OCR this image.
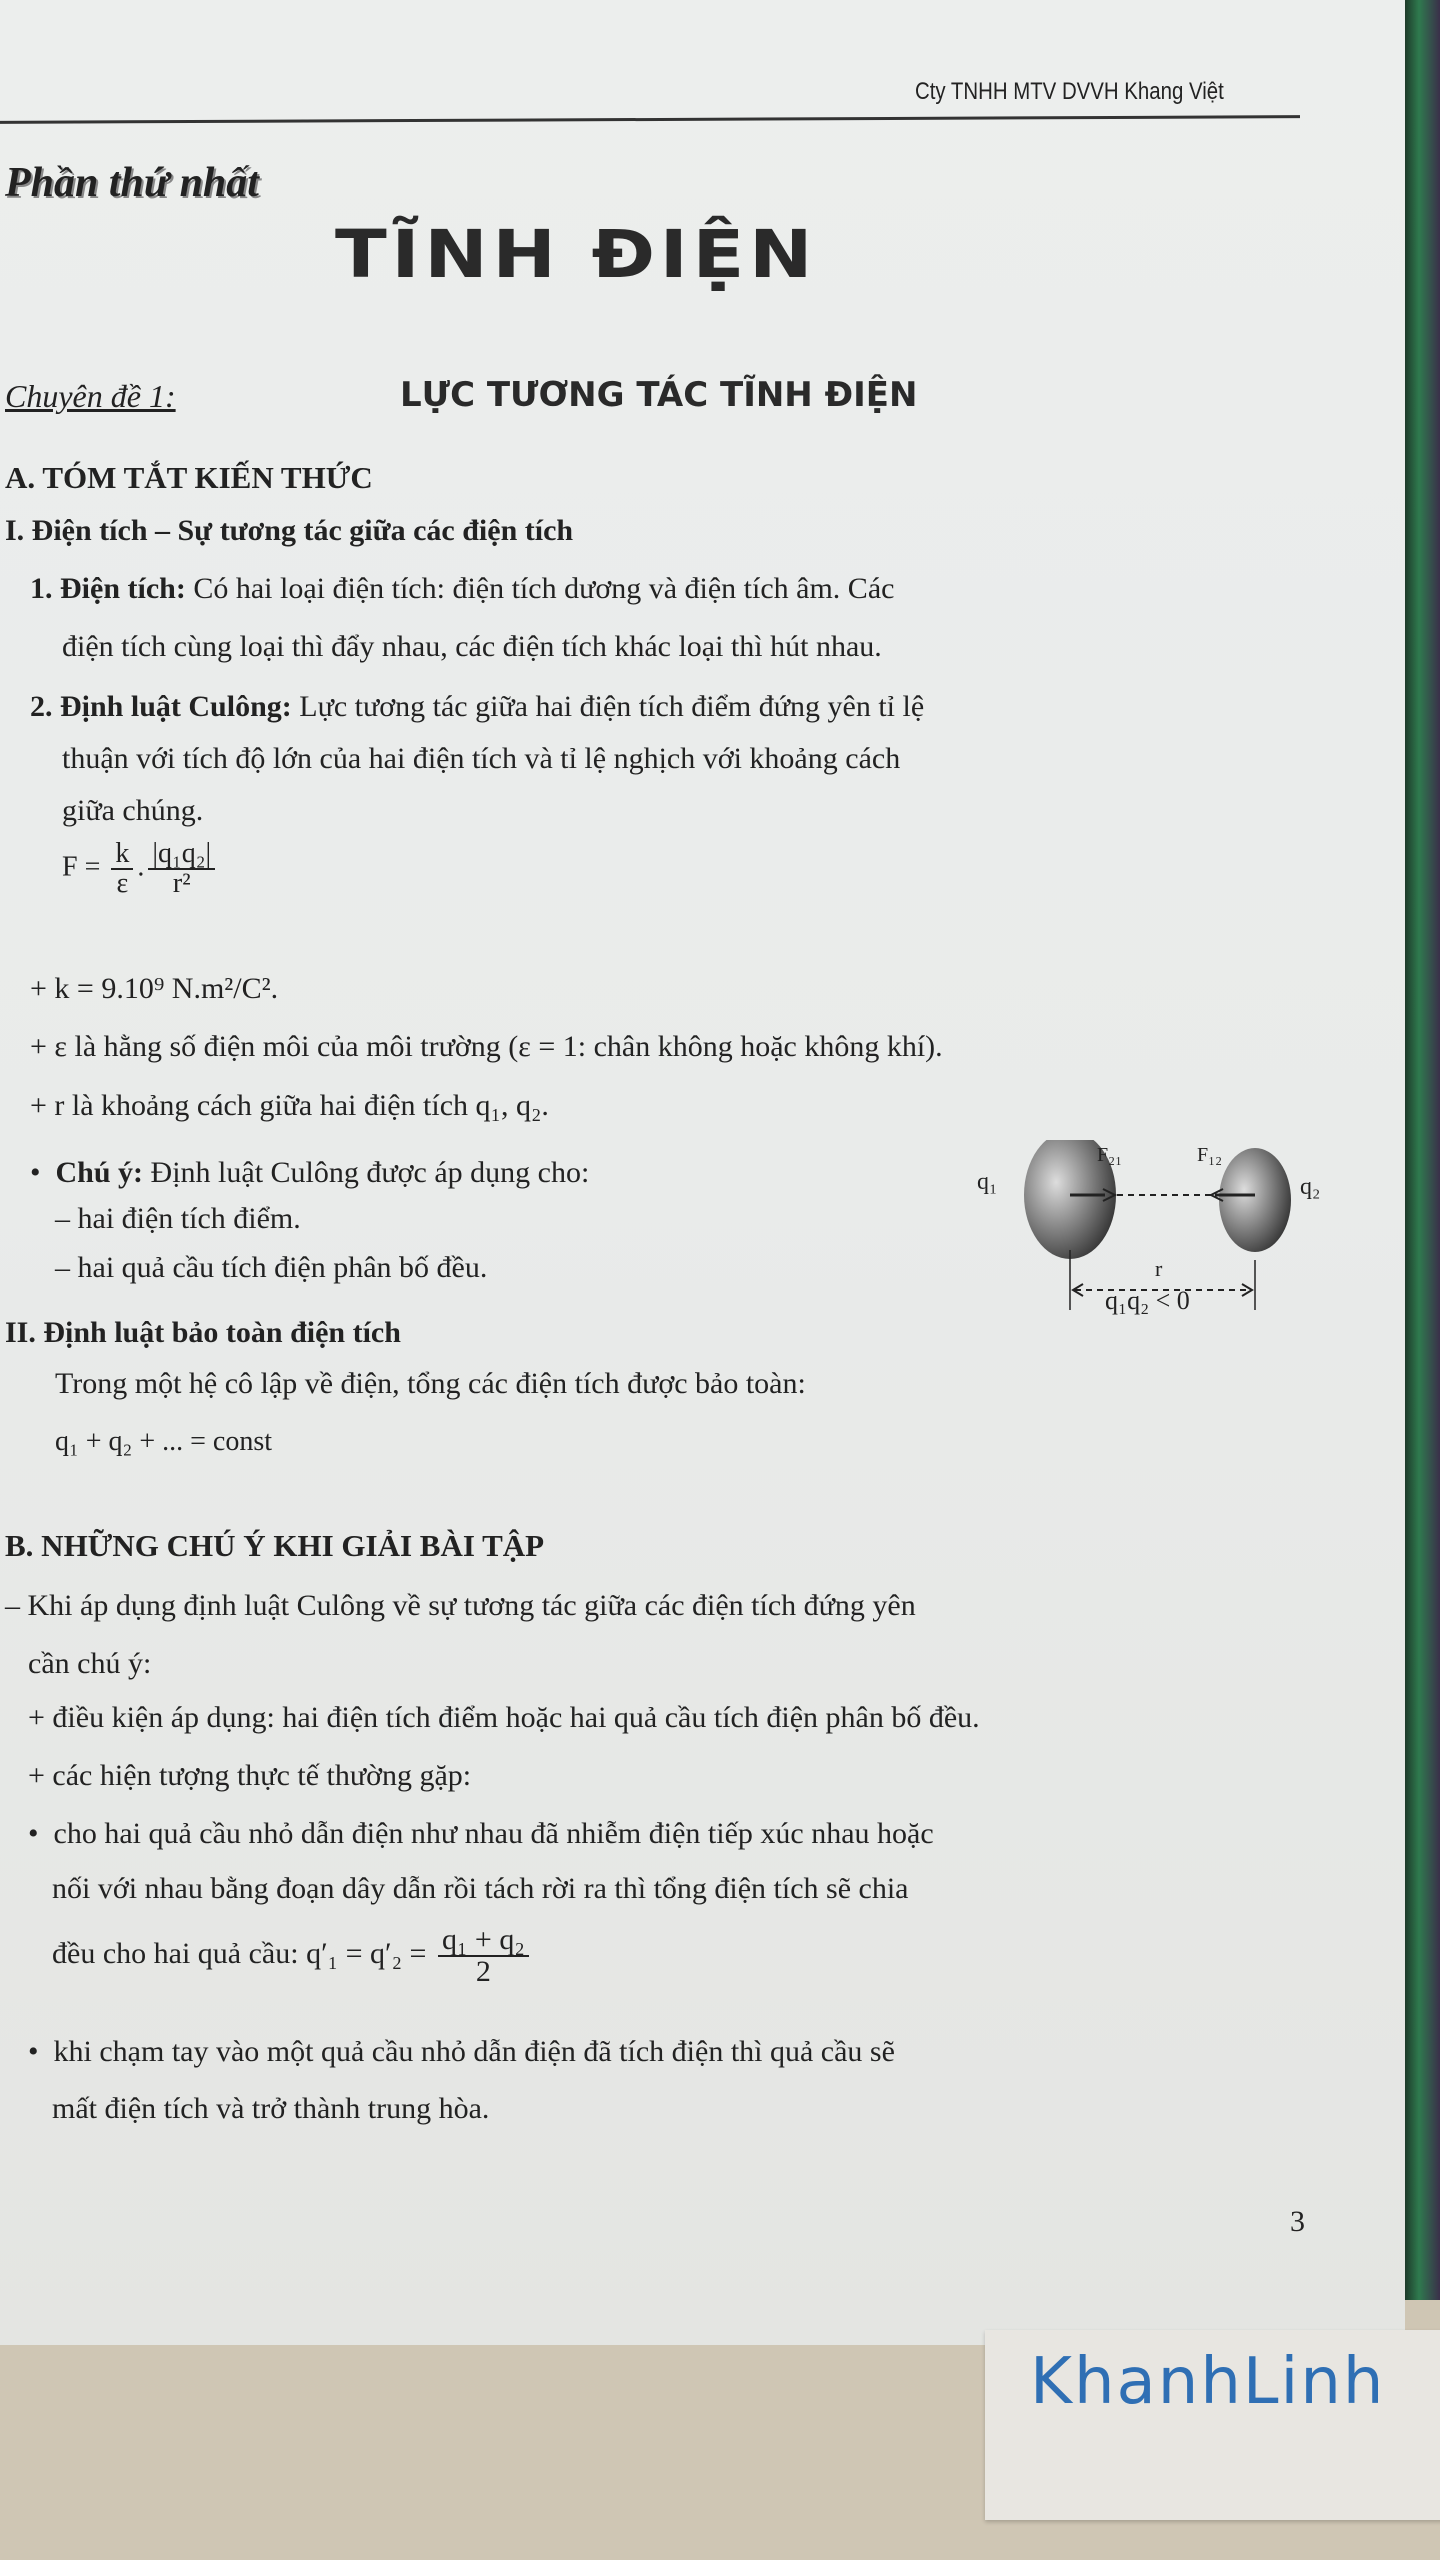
Cty TNHH MTV DVVH Khang Việt
Phần thứ nhất
TĨNH ĐIỆN
Chuyên đề 1:	LỰC TƯƠNG TÁC TĨNH ĐIỆN
A. TÓM TẮT KIẾN THỨC
I. Điện tích – Sự tương tác giữa các điện tích
1. Điện tích: Có hai loại điện tích: điện tích dương và điện tích âm. Các
điện tích cùng loại thì đẩy nhau, các điện tích khác loại thì hút nhau.
2. Định luật Culông: Lực tương tác giữa hai điện tích điểm đứng yên tỉ lệ
thuận với tích độ lớn của hai điện tích và tỉ lệ nghịch với khoảng cách
giữa chúng.
$F = \frac{k}{\varepsilon}$ . $\frac{\text{|q₁q₂|}}{\text{r²}}$
+ k = 9.10⁹ N.m²/C².
+ ε là hằng số điện môi của môi trường (ε = 1: chân không hoặc không khí).
+ r là khoảng cách giữa hai điện tích q₁, q₂.
•  Chú ý: Định luật Culông được áp dụng cho:
– hai điện tích điểm.
– hai quả cầu tích điện phân bố đều.
q₁	q₂
F₂₁	F₁₂
r
q₁q₂ < 0
II. Định luật bảo toàn điện tích
Trong một hệ cô lập về điện, tổng các điện tích được bảo toàn:
q₁ + q₂ + ... = const
B. NHỮNG CHÚ Ý KHI GIẢI BÀI TẬP
– Khi áp dụng định luật Culông về sự tương tác giữa các điện tích đứng yên
cần chú ý:
+ điều kiện áp dụng: hai điện tích điểm hoặc hai quả cầu tích điện phân bố đều.
+ các hiện tượng thực tế thường gặp:
•  cho hai quả cầu nhỏ dẫn điện như nhau đã nhiễm điện tiếp xúc nhau hoặc
nối với nhau bằng đoạn dây dẫn rồi tách rời ra thì tổng điện tích sẽ chia
đều cho hai quả cầu: $q'_1 = q'_2 = \frac{\text{q₁ + q₂}}{2}$
•  khi chạm tay vào một quả cầu nhỏ dẫn điện đã tích điện thì quả cầu sẽ
mất điện tích và trở thành trung hòa.
3
KhanhLinh
